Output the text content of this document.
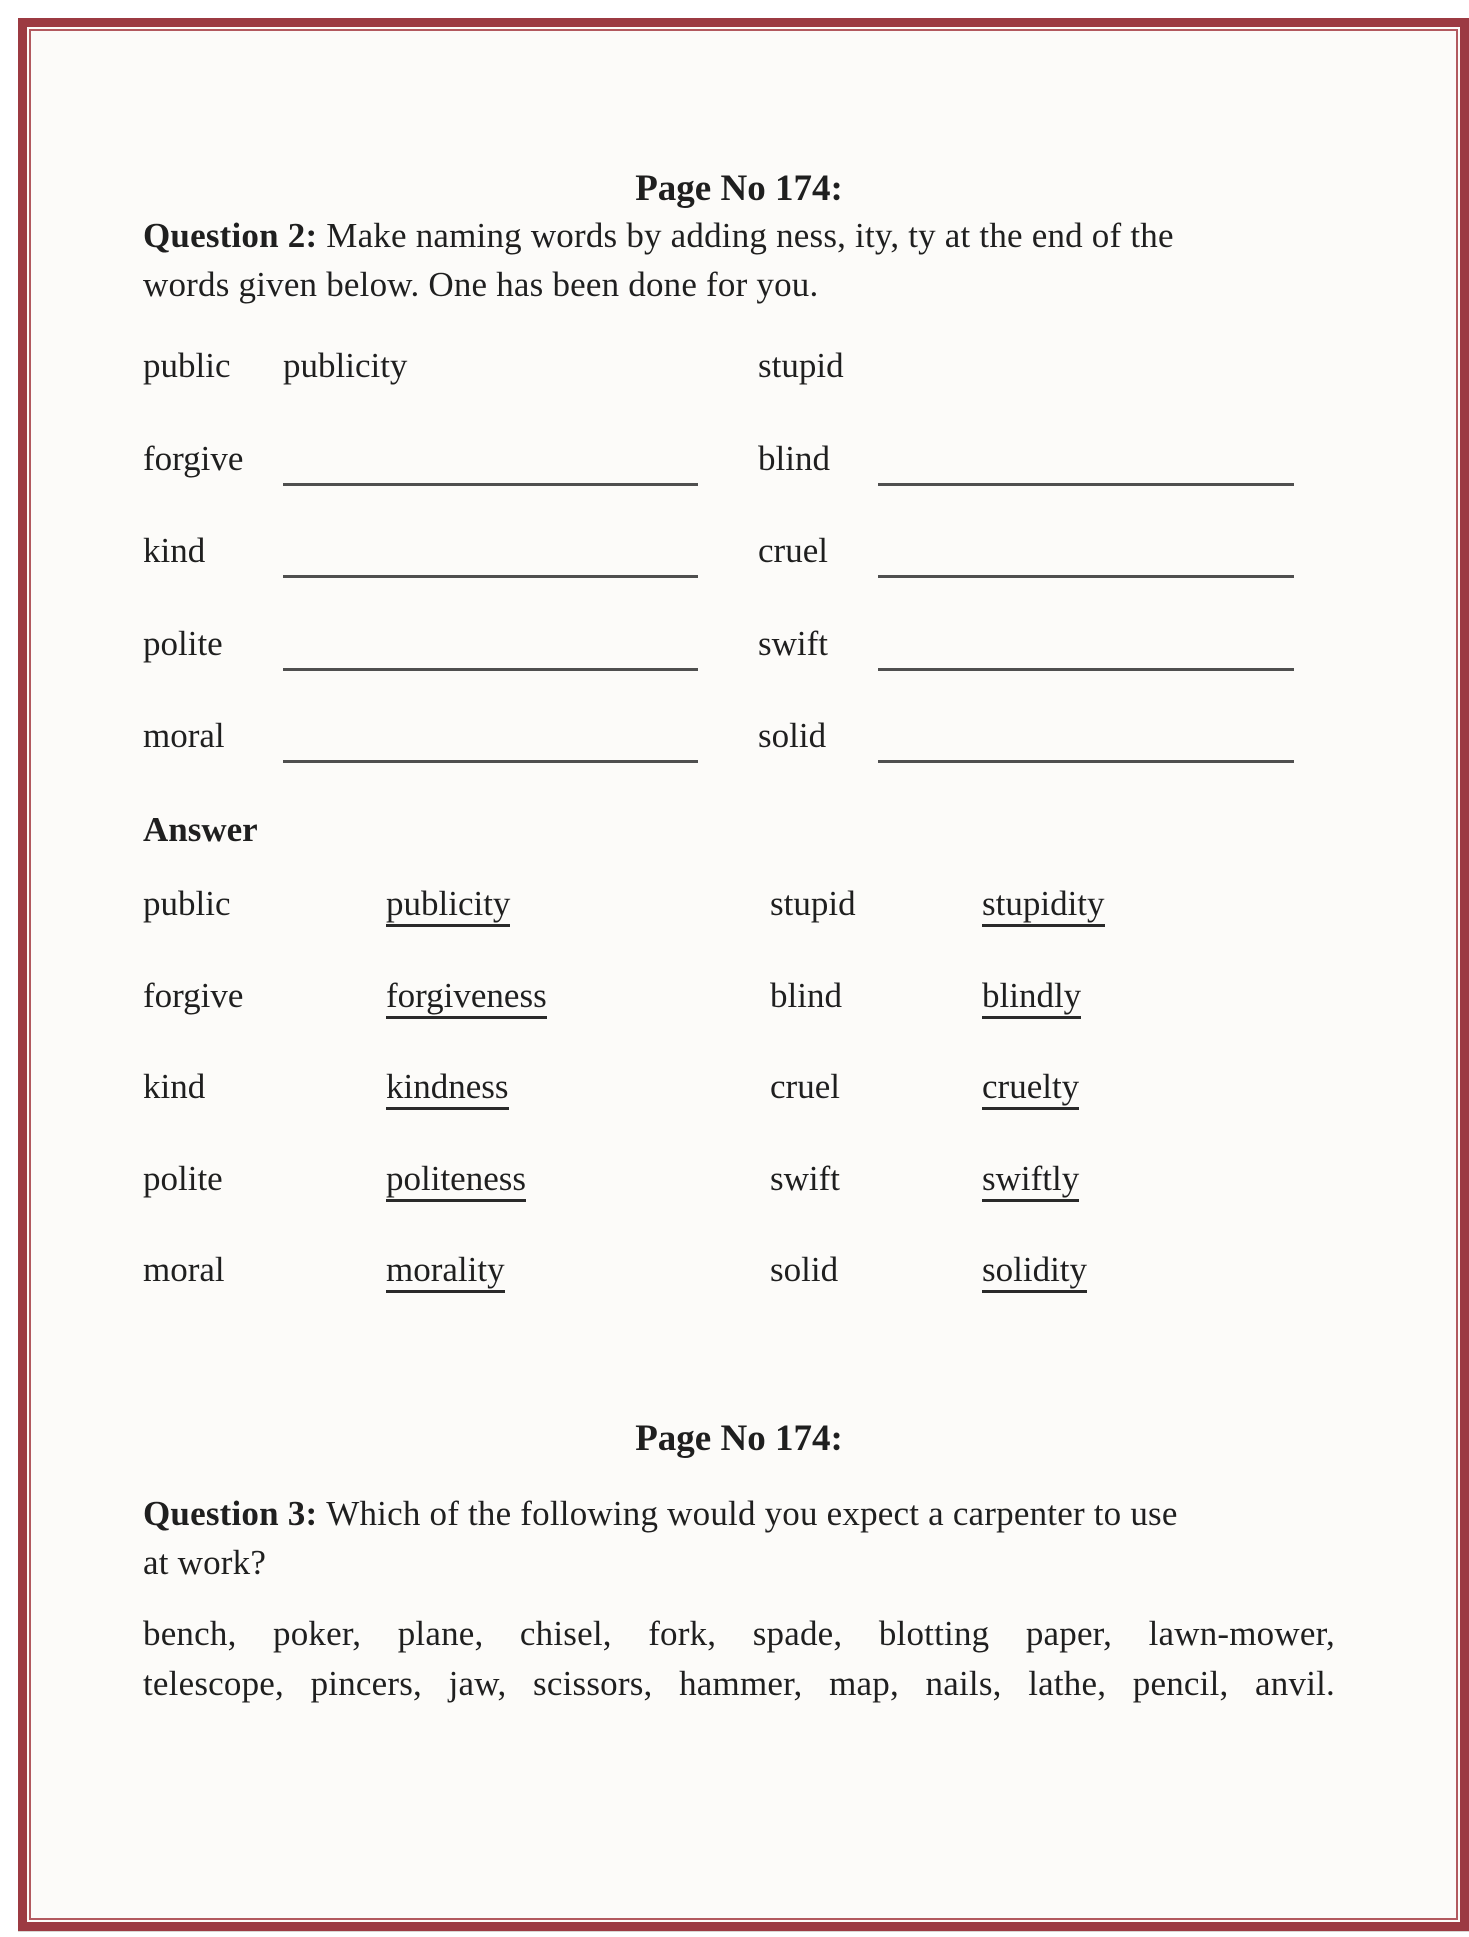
Page No 174:
Question 2: Make naming words by adding ness, ity, ty at the end of the
words given below. One has been done for you.
public publicity	stupid
forgive	blind
kind	cruel
polite	swift
moral	solid
Answer
public	publicity	stupid	stupidity
forgive	forgiveness	blind	blindly
kind	kindness	cruel	cruelty
polite	politeness	swift	swiftly
moral	morality	solid	solidity
Page No 174:
Question 3: Which of the following would you expect a carpenter to use
at work?
bench, poker, plane, chisel, fork, spade, blotting paper, lawn-mower,
telescope, pincers, jaw, scissors, hammer, map, nails, lathe, pencil, anvil.
